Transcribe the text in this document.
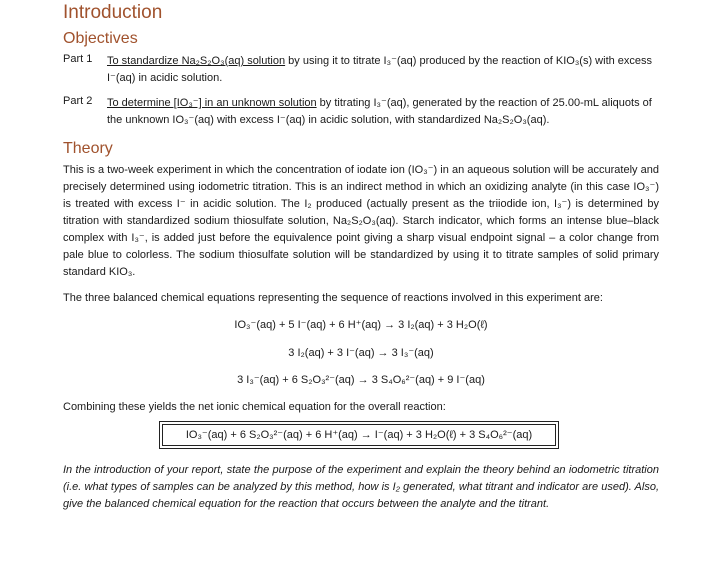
Introduction
Objectives
Part 1 To standardize Na₂S₂O₃(aq) solution by using it to titrate I₃⁻(aq) produced by the reaction of KIO₃(s) with excess I⁻(aq) in acidic solution.
Part 2 To determine [IO₃⁻] in an unknown solution by titrating I₃⁻(aq), generated by the reaction of 25.00-mL aliquots of the unknown IO₃⁻(aq) with excess I⁻(aq) in acidic solution, with standardized Na₂S₂O₃(aq).
Theory
This is a two-week experiment in which the concentration of iodate ion (IO₃⁻) in an aqueous solution will be accurately and precisely determined using iodometric titration. This is an indirect method in which an oxidizing analyte (in this case IO₃⁻) is treated with excess I⁻ in acidic solution. The I₂ produced (actually present as the triiodide ion, I₃⁻) is determined by titration with standardized sodium thiosulfate solution, Na₂S₂O₃(aq). Starch indicator, which forms an intense blue–black complex with I₃⁻, is added just before the equivalence point giving a sharp visual endpoint signal – a color change from pale blue to colorless. The sodium thiosulfate solution will be standardized by using it to titrate samples of solid primary standard KIO₃.
The three balanced chemical equations representing the sequence of reactions involved in this experiment are:
IO₃⁻(aq) + 5 I⁻(aq) + 6 H⁺(aq) → 3 I₂(aq) + 3 H₂O(ℓ)
3 I₂(aq) + 3 I⁻(aq) → 3 I₃⁻(aq)
3 I₃⁻(aq) + 6 S₂O₃²⁻(aq) → 3 S₄O₆²⁻(aq) + 9 I⁻(aq)
Combining these yields the net ionic chemical equation for the overall reaction:
IO₃⁻(aq) + 6 S₂O₃²⁻(aq) + 6 H⁺(aq) → I⁻(aq) + 3 H₂O(ℓ) + 3 S₄O₆²⁻(aq)
In the introduction of your report, state the purpose of the experiment and explain the theory behind an iodometric titration (i.e. what types of samples can be analyzed by this method, how is I₂ generated, what titrant and indicator are used). Also, give the balanced chemical equation for the reaction that occurs between the analyte and the titrant.
